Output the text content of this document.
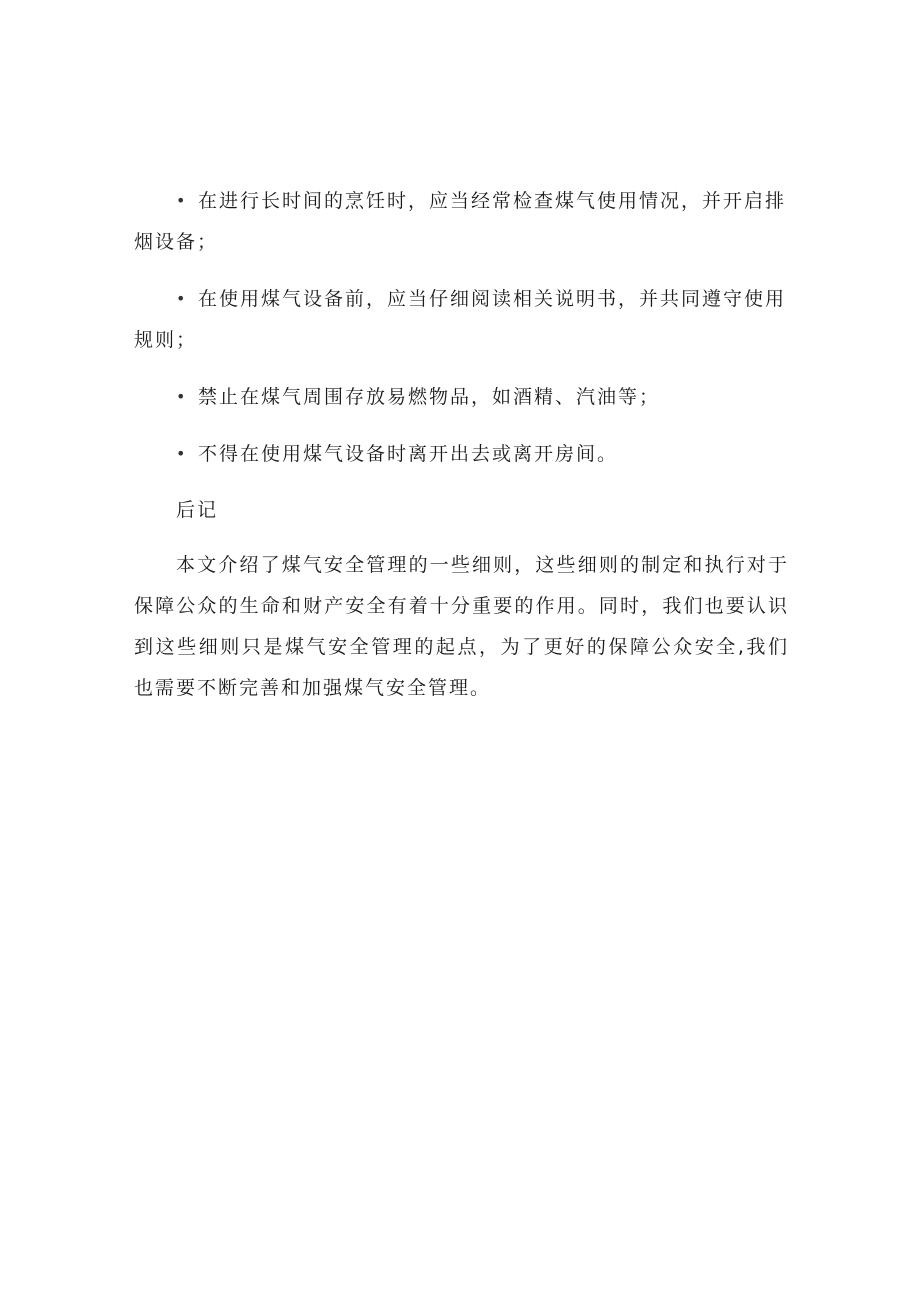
• 在进行长时间的烹饪时，应当经常检查煤气使用情况，并开启排烟设备；

• 在使用煤气设备前，应当仔细阅读相关说明书，并共同遵守使用规则；

• 禁止在煤气周围存放易燃物品，如酒精、汽油等；

• 不得在使用煤气设备时离开出去或离开房间。

后记

本文介绍了煤气安全管理的一些细则，这些细则的制定和执行对于保障公众的生命和财产安全有着十分重要的作用。同时，我们也要认识到这些细则只是煤气安全管理的起点，为了更好的保障公众安全,我们也需要不断完善和加强煤气安全管理。
